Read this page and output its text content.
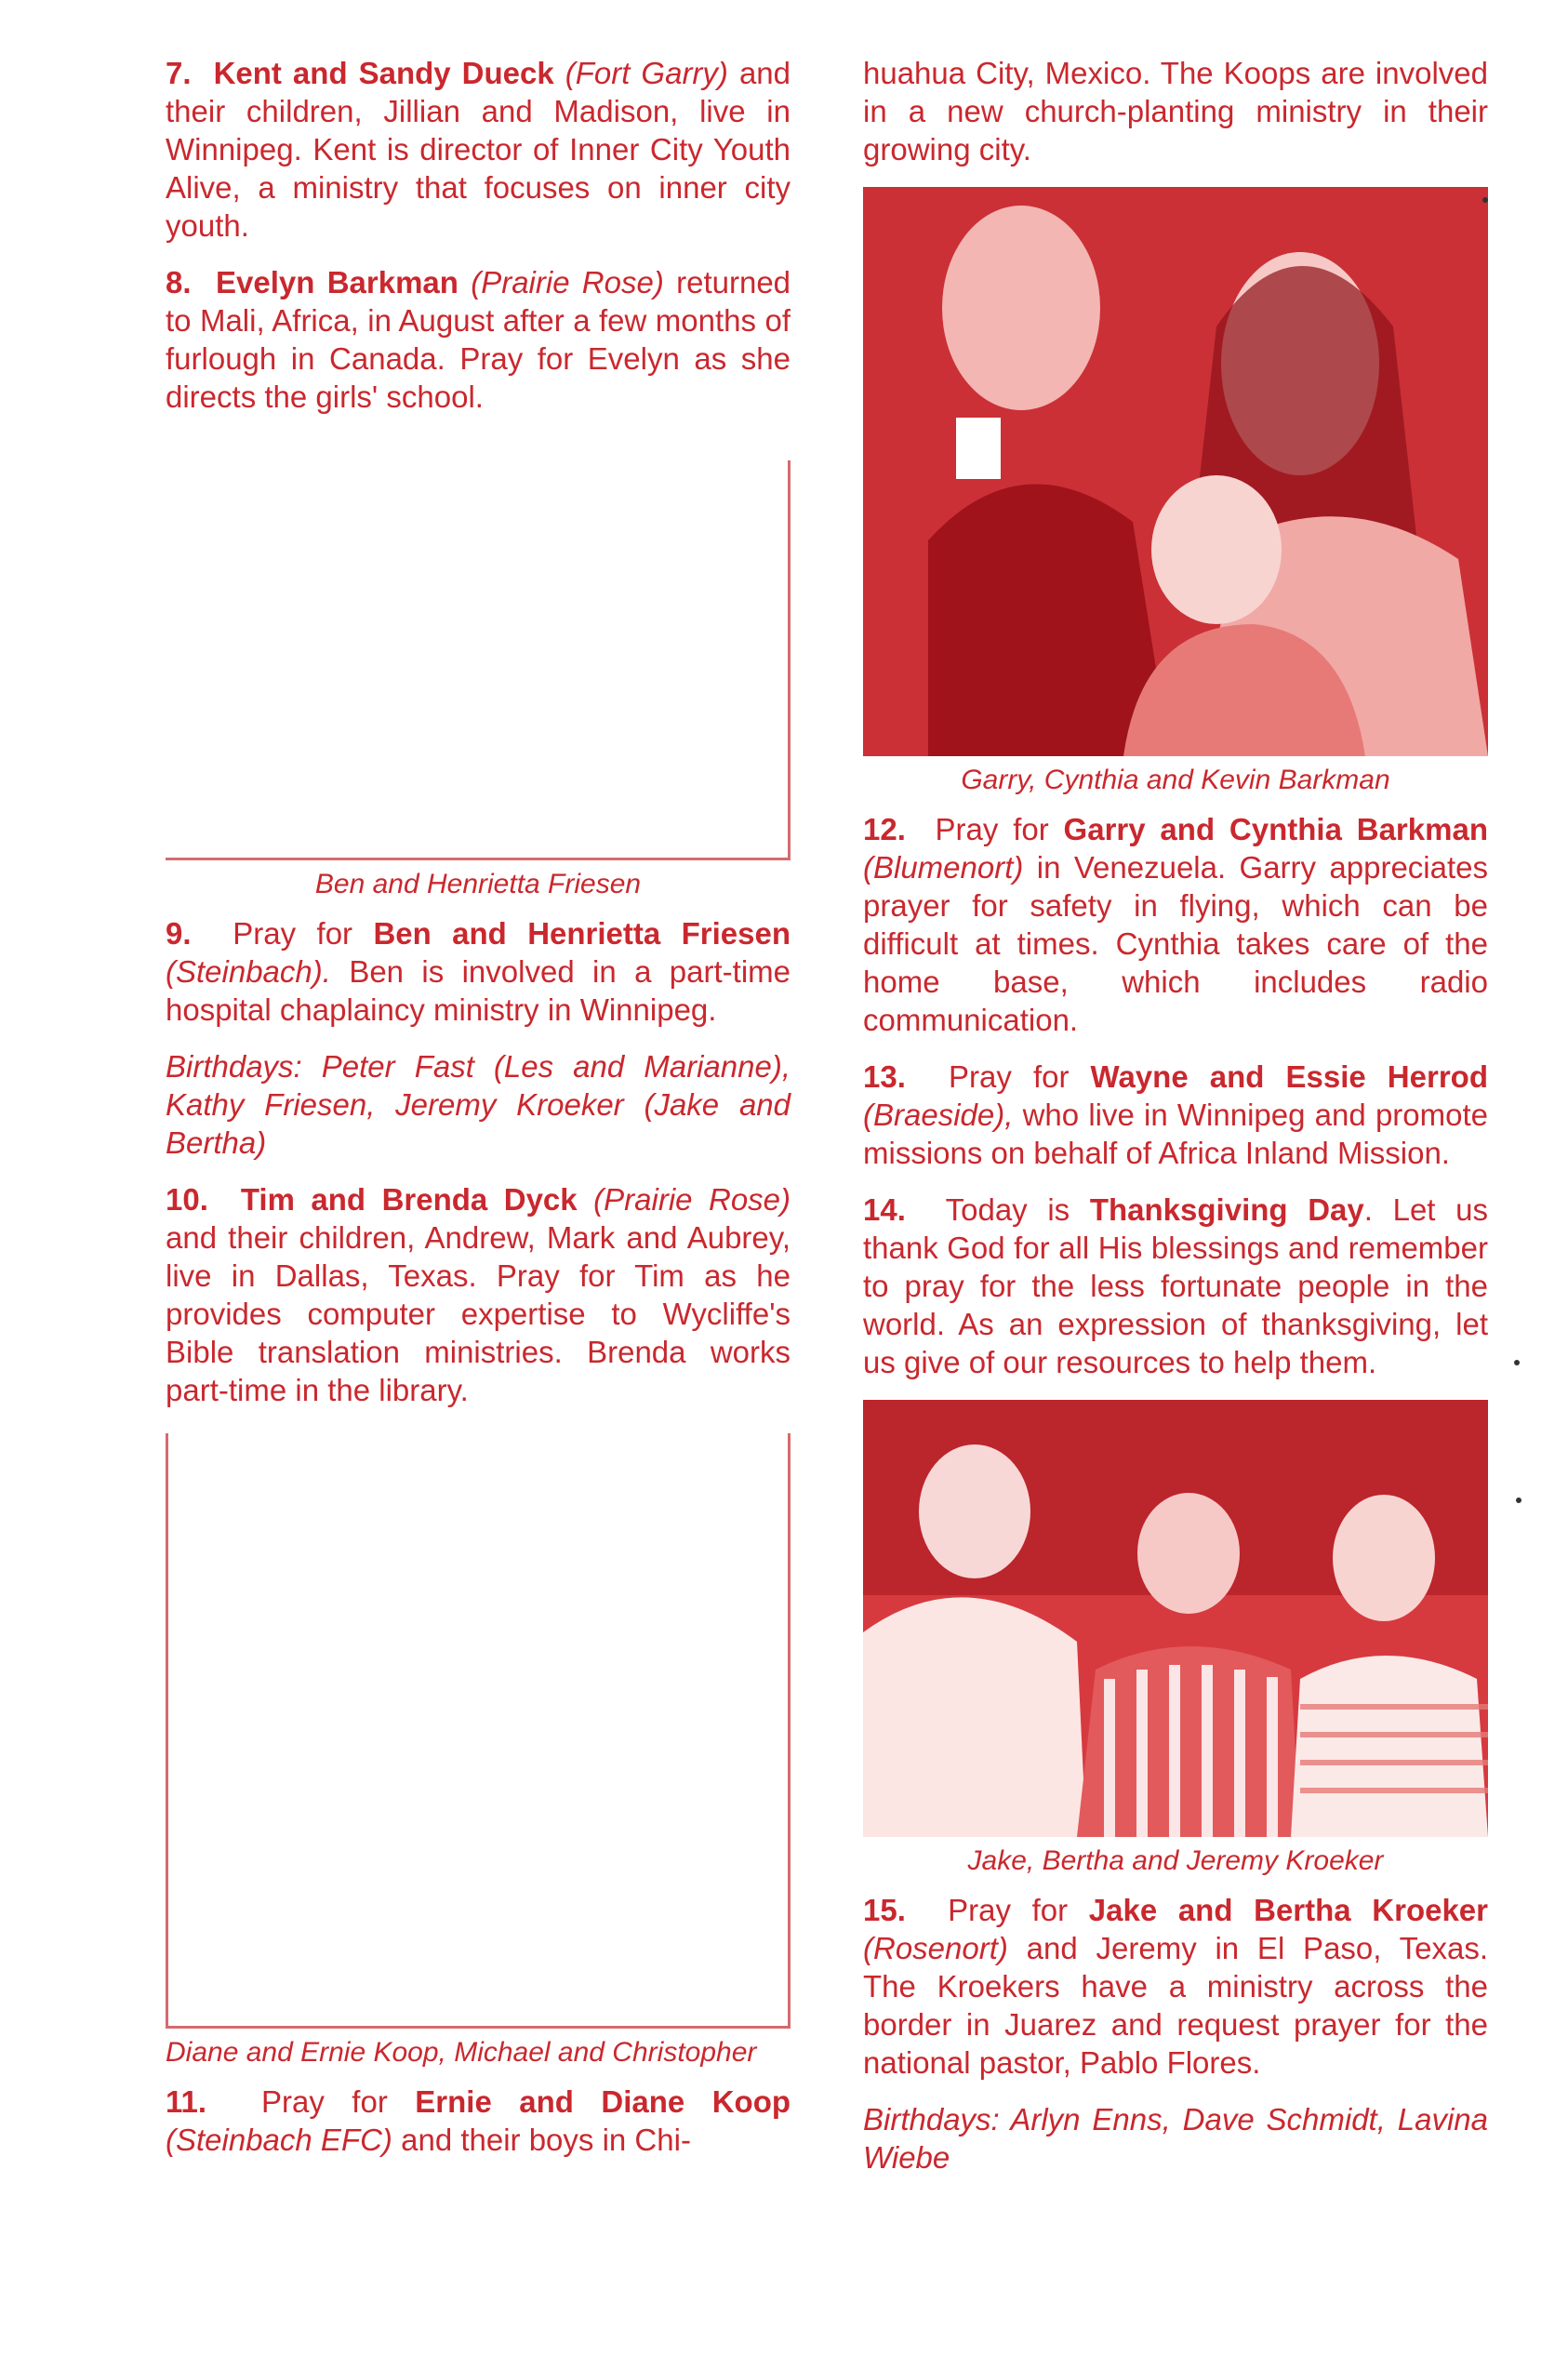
7. Kent and Sandy Dueck (Fort Garry) and their children, Jillian and Madison, live in Winnipeg. Kent is director of Inner City Youth Alive, a ministry that focuses on inner city youth.

8. Evelyn Barkman (Prairie Rose) returned to Mali, Africa, in August after a few months of furlough in Canada. Pray for Evelyn as she directs the girls' school.

Ben and Henrietta Friesen

9. Pray for Ben and Henrietta Friesen (Steinbach). Ben is involved in a part-time hospital chaplaincy ministry in Winnipeg.

Birthdays: Peter Fast (Les and Marianne), Kathy Friesen, Jeremy Kroeker (Jake and Bertha)

10. Tim and Brenda Dyck (Prairie Rose) and their children, Andrew, Mark and Aubrey, live in Dallas, Texas. Pray for Tim as he provides computer expertise to Wycliffe's Bible translation ministries. Brenda works part-time in the library.

Diane and Ernie Koop, Michael and Christopher

11. Pray for Ernie and Diane Koop (Steinbach EFC) and their boys in Chi-

huahua City, Mexico. The Koops are involved in a new church-planting ministry in their growing city.

Garry, Cynthia and Kevin Barkman

12. Pray for Garry and Cynthia Barkman (Blumenort) in Venezuela. Garry appreciates prayer for safety in flying, which can be difficult at times. Cynthia takes care of the home base, which includes radio communication.

13. Pray for Wayne and Essie Herrod (Braeside), who live in Winnipeg and promote missions on behalf of Africa Inland Mission.

14. Today is Thanksgiving Day. Let us thank God for all His blessings and remember to pray for the less fortunate people in the world. As an expression of thanksgiving, let us give of our resources to help them.

Jake, Bertha and Jeremy Kroeker

15. Pray for Jake and Bertha Kroeker (Rosenort) and Jeremy in El Paso, Texas. The Kroekers have a ministry across the border in Juarez and request prayer for the national pastor, Pablo Flores.

Birthdays: Arlyn Enns, Dave Schmidt, Lavina Wiebe
